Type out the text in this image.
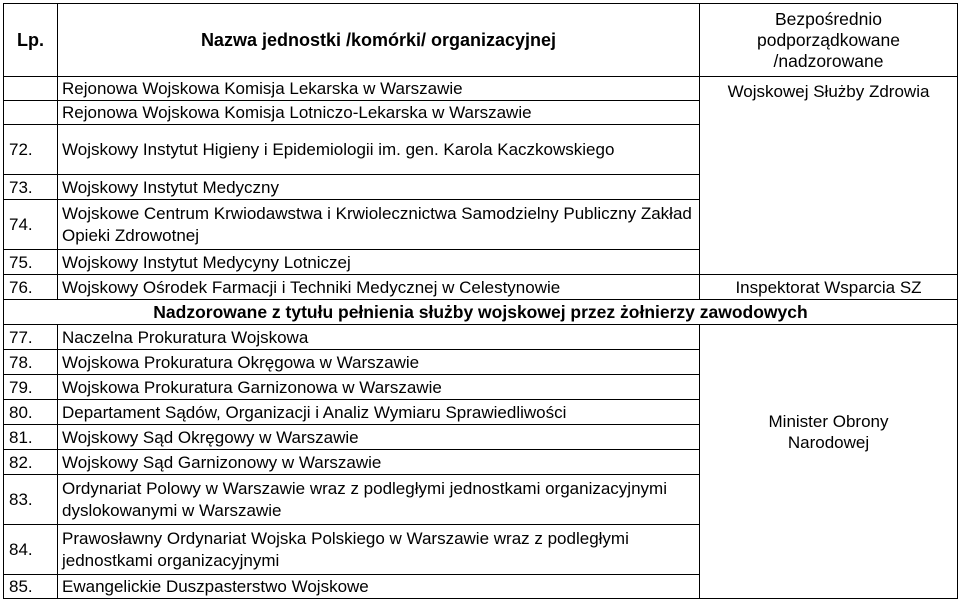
Lp.	Nazwa jednostki /komórki/ organizacyjnej	Bezpośrednio podporządkowane /nadzorowane
	Rejonowa Wojskowa Komisja Lekarska w Warszawie	Wojskowej Służby Zdrowia
	Rejonowa Wojskowa Komisja Lotniczo-Lekarska w Warszawie	
72.	Wojskowy Instytut Higieny i Epidemiologii im. gen. Karola Kaczkowskiego	
73.	Wojskowy Instytut Medyczny	
74.	Wojskowe Centrum Krwiodawstwa i Krwiolecznictwa Samodzielny Publiczny Zakład Opieki Zdrowotnej	
75.	Wojskowy Instytut Medycyny Lotniczej	
76.	Wojskowy Ośrodek Farmacji i Techniki Medycznej w Celestynowie	Inspektorat Wsparcia SZ
Nadzorowane z tytułu pełnienia służby wojskowej przez żołnierzy zawodowych		
77.	Naczelna Prokuratura Wojskowa	Minister Obrony Narodowej
78.	Wojskowa Prokuratura Okręgowa w Warszawie	
79.	Wojskowa Prokuratura Garnizonowa w Warszawie	
80.	Departament Sądów, Organizacji i Analiz Wymiaru Sprawiedliwości	
81.	Wojskowy Sąd Okręgowy w Warszawie	
82.	Wojskowy Sąd Garnizonowy w Warszawie	
83.	Ordynariat Polowy w Warszawie wraz z podległymi jednostkami organizacyjnymi dyslokowanymi w Warszawie	
84.	Prawosławny Ordynariat Wojska Polskiego w Warszawie wraz z podległymi jednostkami organizacyjnymi	
85.	Ewangelickie Duszpasterstwo Wojskowe	
